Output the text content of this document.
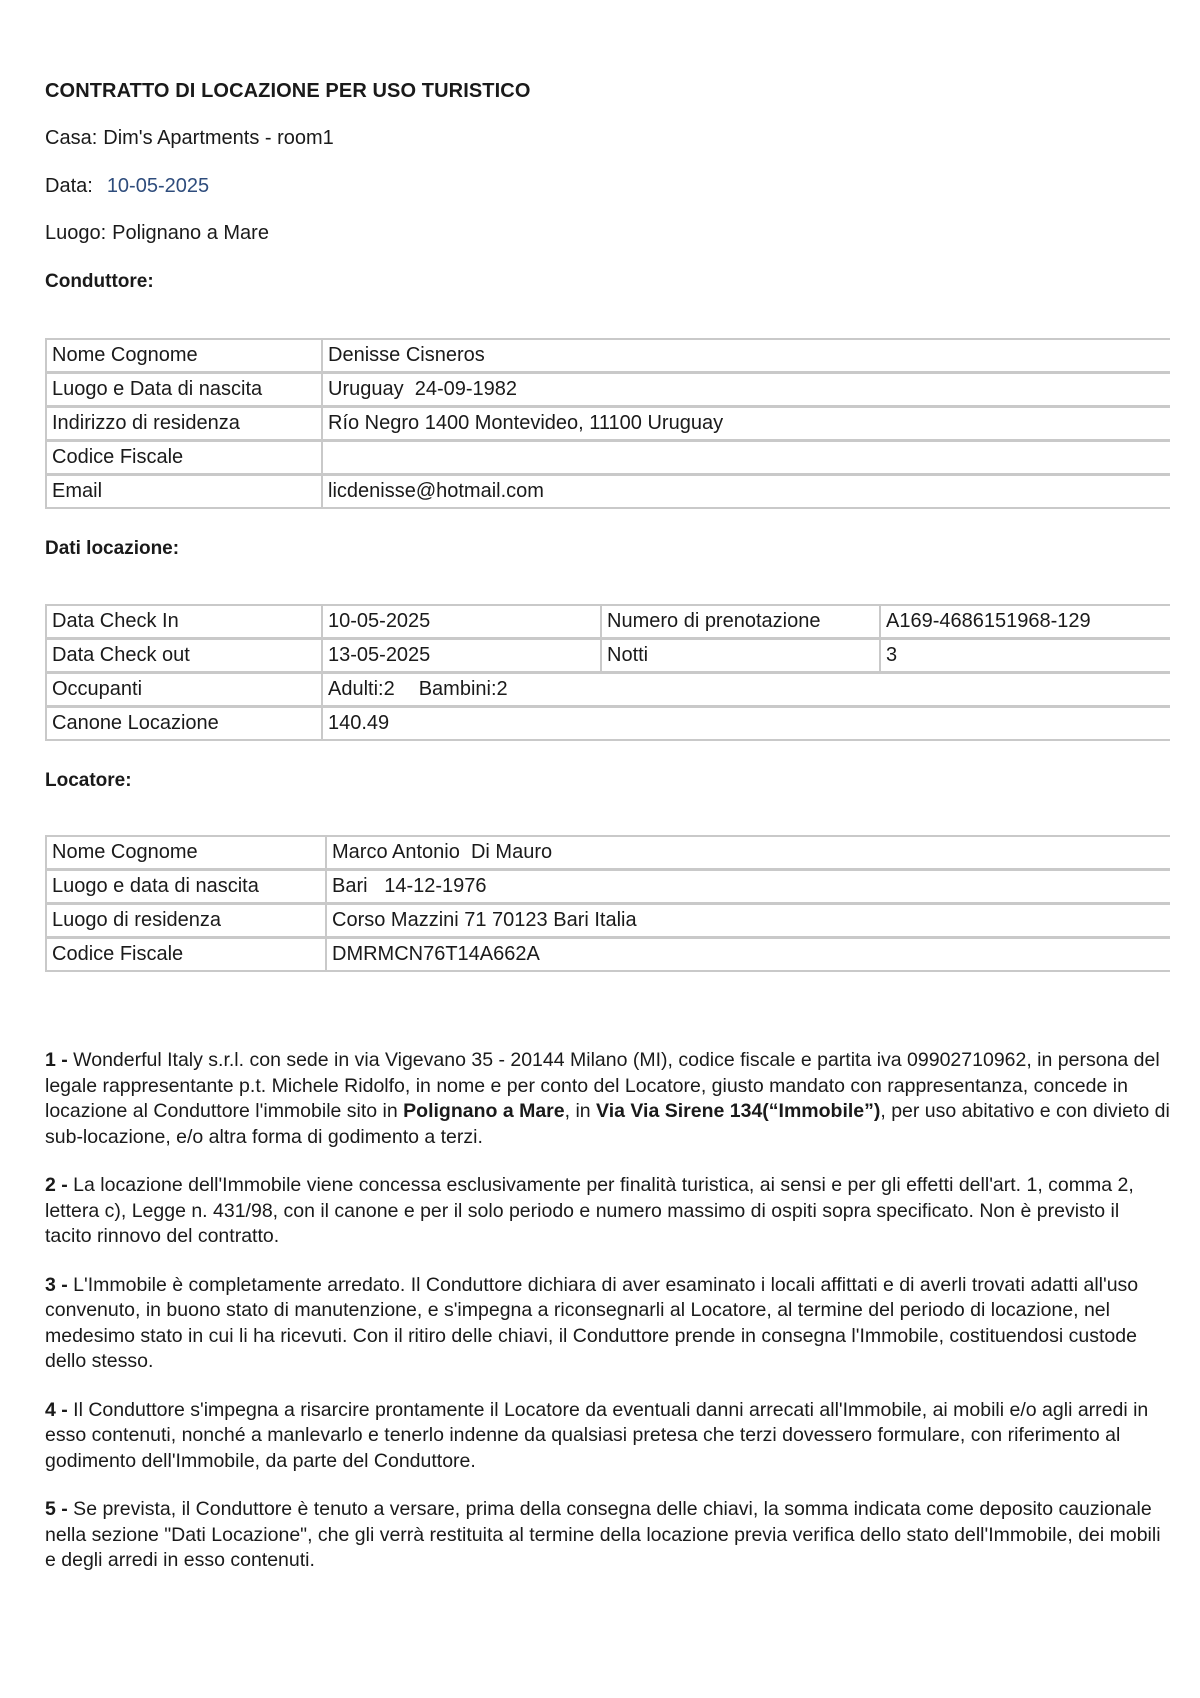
CONTRATTO DI LOCAZIONE PER USO TURISTICO
Casa: Dim's Apartments - room1
Data: 10-05-2025
Luogo: Polignano a Mare
Conduttore:
Nome Cognome	Denisse Cisneros
Luogo e Data di nascita	Uruguay  24-09-1982
Indirizzo di residenza	Río Negro 1400 Montevideo, 11100 Uruguay
Codice Fiscale	
Email	licdenisse@hotmail.com
Dati locazione:
Data Check In	10-05-2025	Numero di prenotazione	A169-4686151968-129
Data Check out	13-05-2025	Notti	3
Occupanti	Adulti:2 Bambini:2		
Canone Locazione	140.49		
Locatore:
Nome Cognome	Marco Antonio  Di Mauro
Luogo e data di nascita	Bari   14-12-1976
Luogo di residenza	Corso Mazzini 71 70123 Bari Italia
Codice Fiscale	DMRMCN76T14A662A

1 - Wonderful Italy s.r.l. con sede in via Vigevano 35 - 20144 Milano (MI), codice fiscale e partita iva 09902710962, in persona del legale rappresentante p.t. Michele Ridolfo, in nome e per conto del Locatore, giusto mandato con rappresentanza, concede in locazione al Conduttore l'immobile sito in Polignano a Mare, in Via Via Sirene 134(“Immobile”), per uso abitativo e con divieto di sub-locazione, e/o altra forma di godimento a terzi.

2 - La locazione dell'Immobile viene concessa esclusivamente per finalità turistica, ai sensi e per gli effetti dell'art. 1, comma 2, lettera c), Legge n. 431/98, con il canone e per il solo periodo e numero massimo di ospiti sopra specificato. Non è previsto il tacito rinnovo del contratto.

3 - L'Immobile è completamente arredato. Il Conduttore dichiara di aver esaminato i locali affittati e di averli trovati adatti all'uso convenuto, in buono stato di manutenzione, e s'impegna a riconsegnarli al Locatore, al termine del periodo di locazione, nel medesimo stato in cui li ha ricevuti. Con il ritiro delle chiavi, il Conduttore prende in consegna l'Immobile, costituendosi custode dello stesso.

4 - Il Conduttore s'impegna a risarcire prontamente il Locatore da eventuali danni arrecati all'Immobile, ai mobili e/o agli arredi in esso contenuti, nonché a manlevarlo e tenerlo indenne da qualsiasi pretesa che terzi dovessero formulare, con riferimento al godimento dell'Immobile, da parte del Conduttore.

5 - Se prevista, il Conduttore è tenuto a versare, prima della consegna delle chiavi, la somma indicata come deposito cauzionale nella sezione "Dati Locazione", che gli verrà restituita al termine della locazione previa verifica dello stato dell'Immobile, dei mobili e degli arredi in esso contenuti.
